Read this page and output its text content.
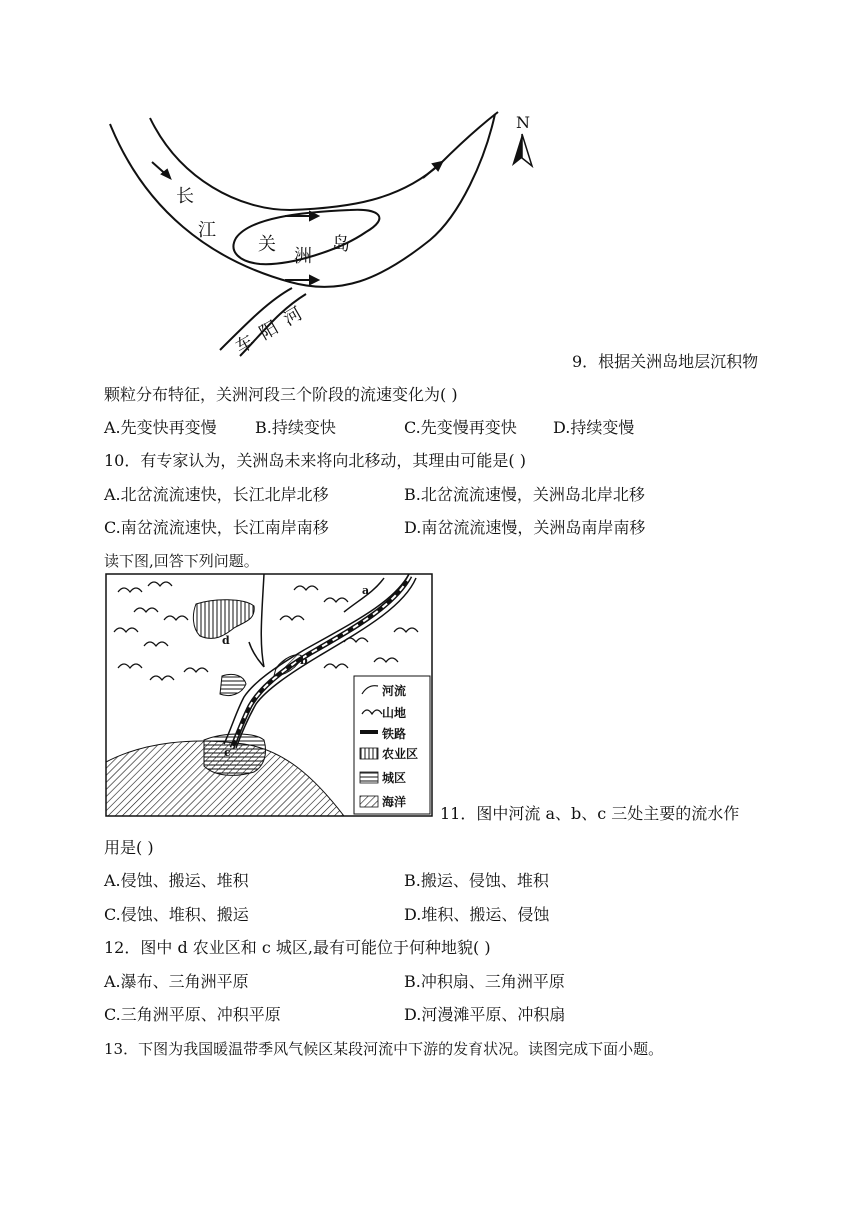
长
江
关
洲
岛
车
阳
河
N
9．根据关洲岛地层沉积物
颗粒分布特征，关洲河段三个阶段的流速变化为( )
A.先变快再变慢 B.持续变快	C.先变慢再变快 D.持续变慢
10．有专家认为，关洲岛未来将向北移动，其理由可能是( )
A.北岔流流速快，长江北岸北移	B.北岔流流速慢，关洲岛北岸北移
C.南岔流流速快，长江南岸南移	D.南岔流流速慢，关洲岛南岸南移
读下图,回答下列问题。
a
b
c
d
河流
山地
铁路
农业区
城区
海洋
11．图中河流 a、b、c 三处主要的流水作
用是( )
A.侵蚀、搬运、堆积	B.搬运、侵蚀、堆积
C.侵蚀、堆积、搬运	D.堆积、搬运、侵蚀
12．图中 d 农业区和 c 城区,最有可能位于何种地貌( )
A.瀑布、三角洲平原	B.冲积扇、三角洲平原
C.三角洲平原、冲积平原	D.河漫滩平原、冲积扇
13．下图为我国暖温带季风气候区某段河流中下游的发育状况。读图完成下面小题。
